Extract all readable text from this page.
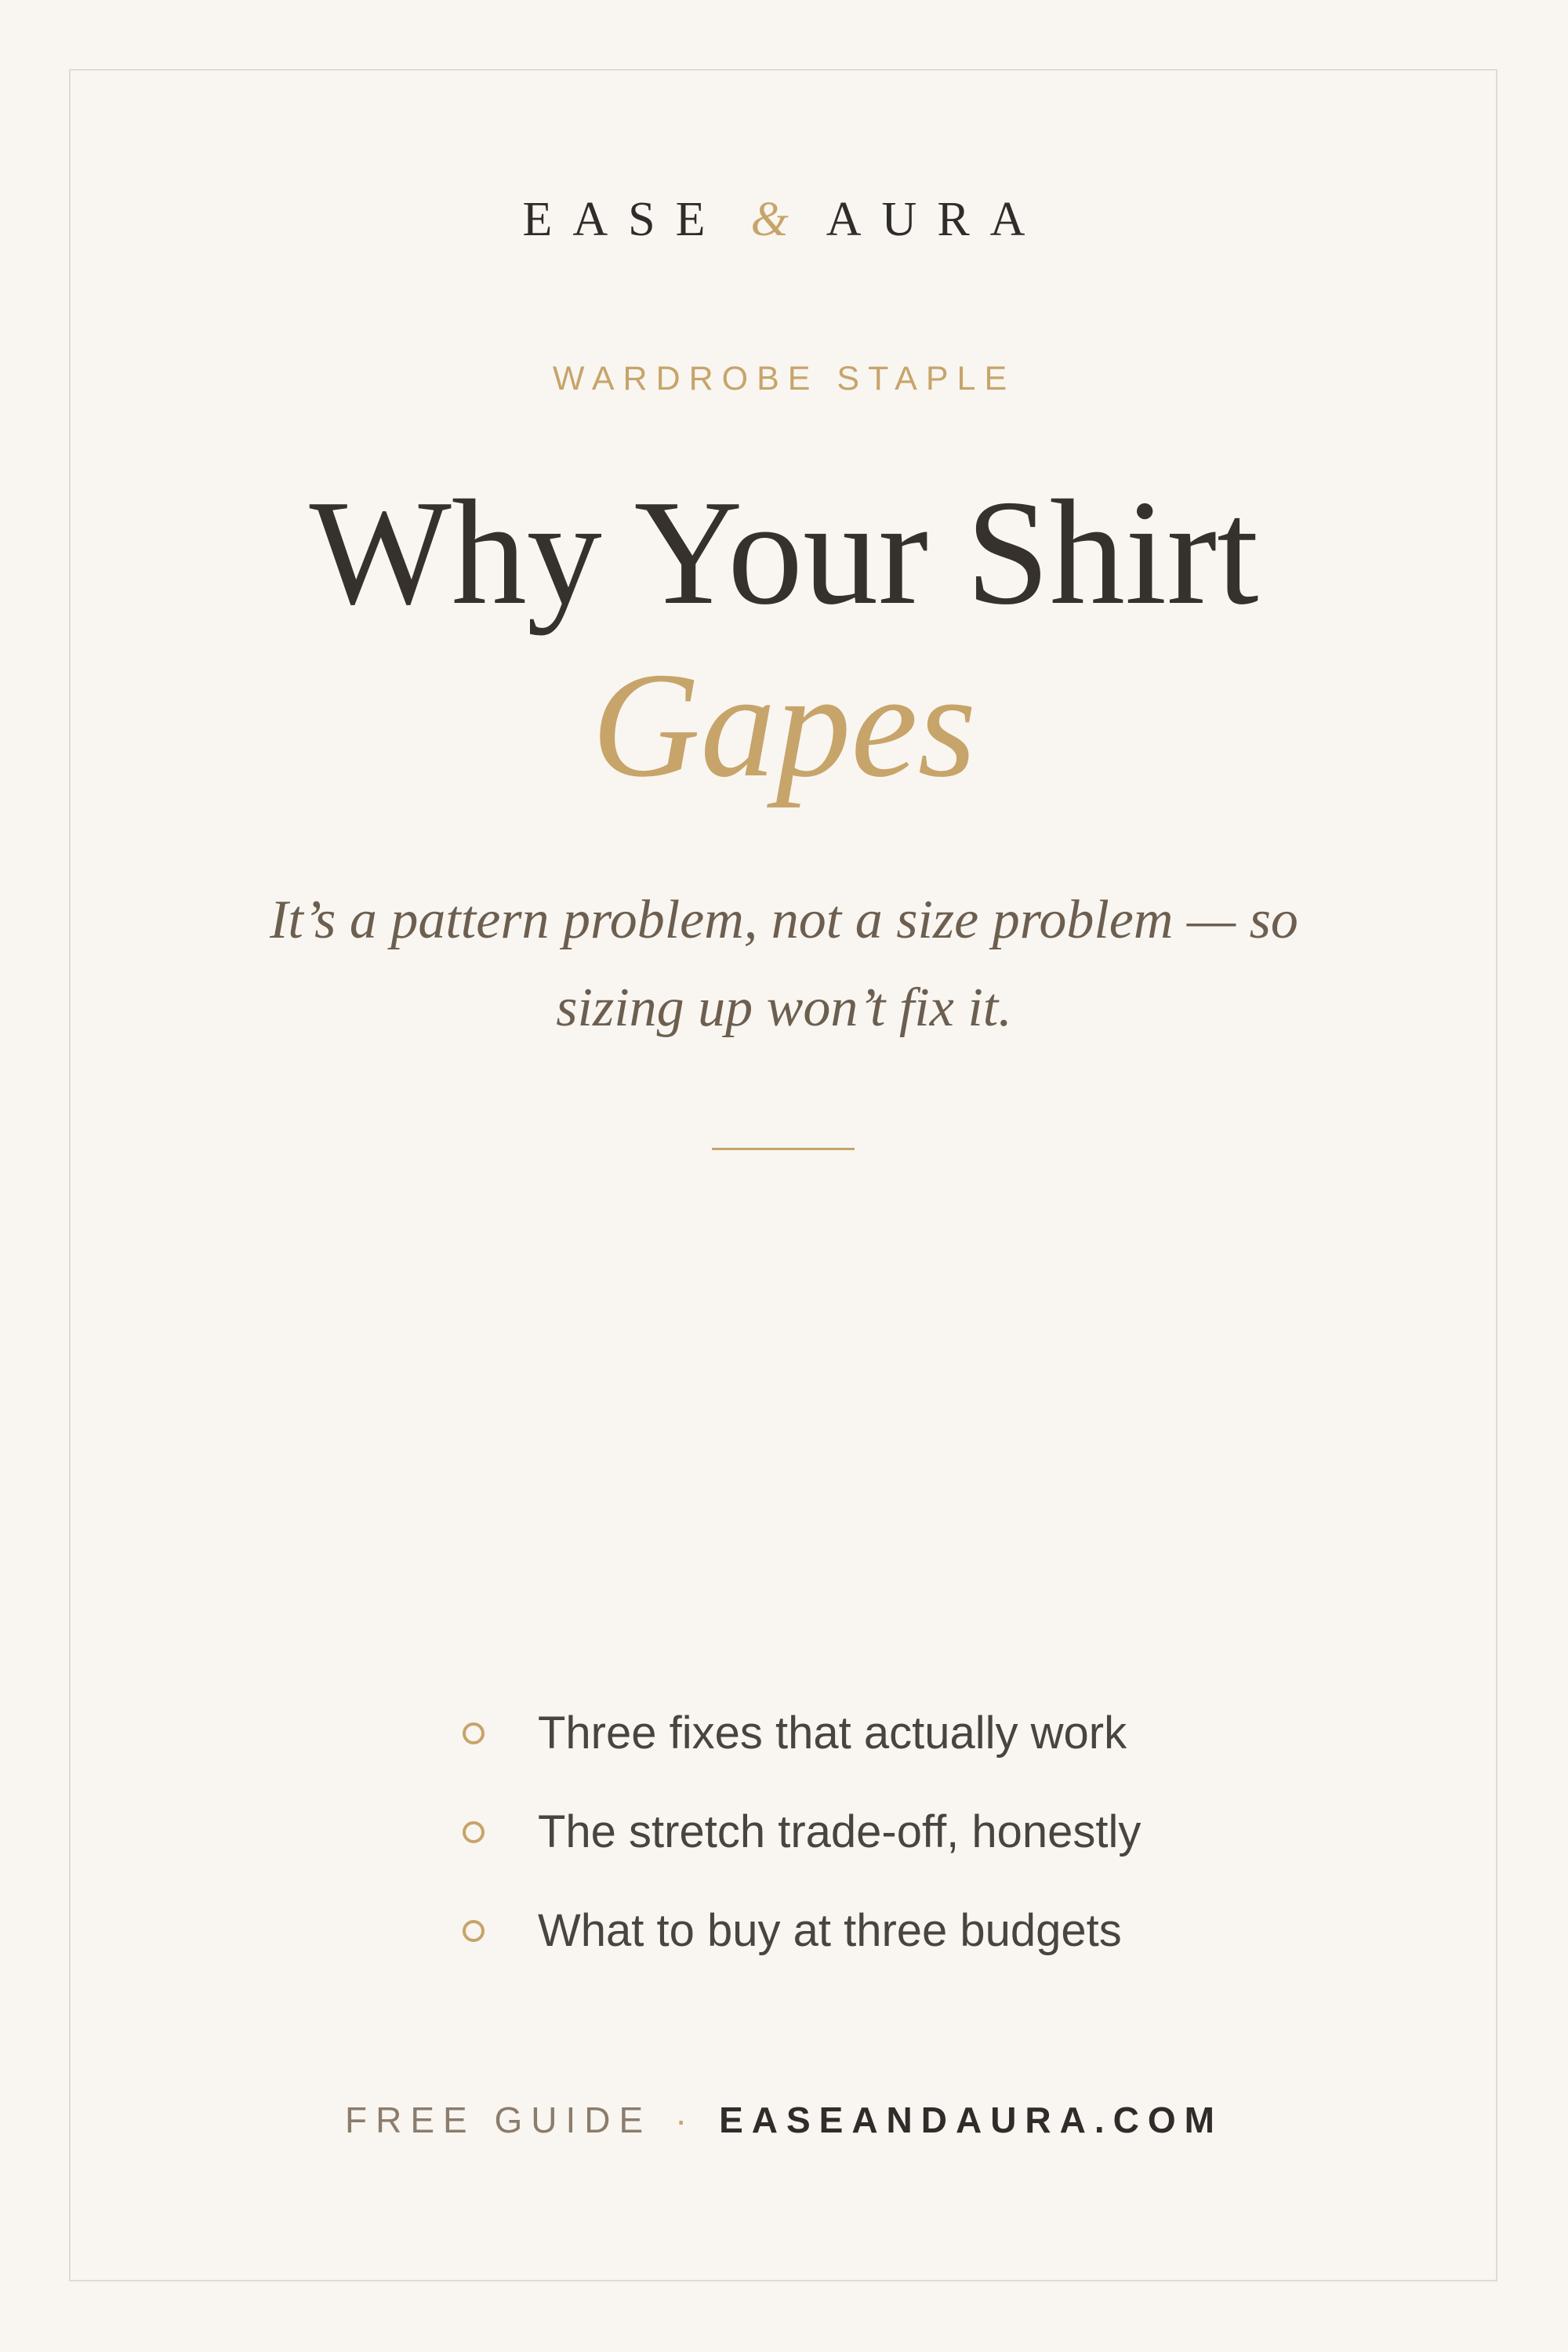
EASE & AURA
WARDROBE STAPLE
Why Your Shirt
Gapes
It’s a pattern problem, not a size problem — so sizing up won’t fix it.
Three fixes that actually work
The stretch trade-off, honestly
What to buy at three budgets
FREE GUIDE · EASEANDAURA.COM
